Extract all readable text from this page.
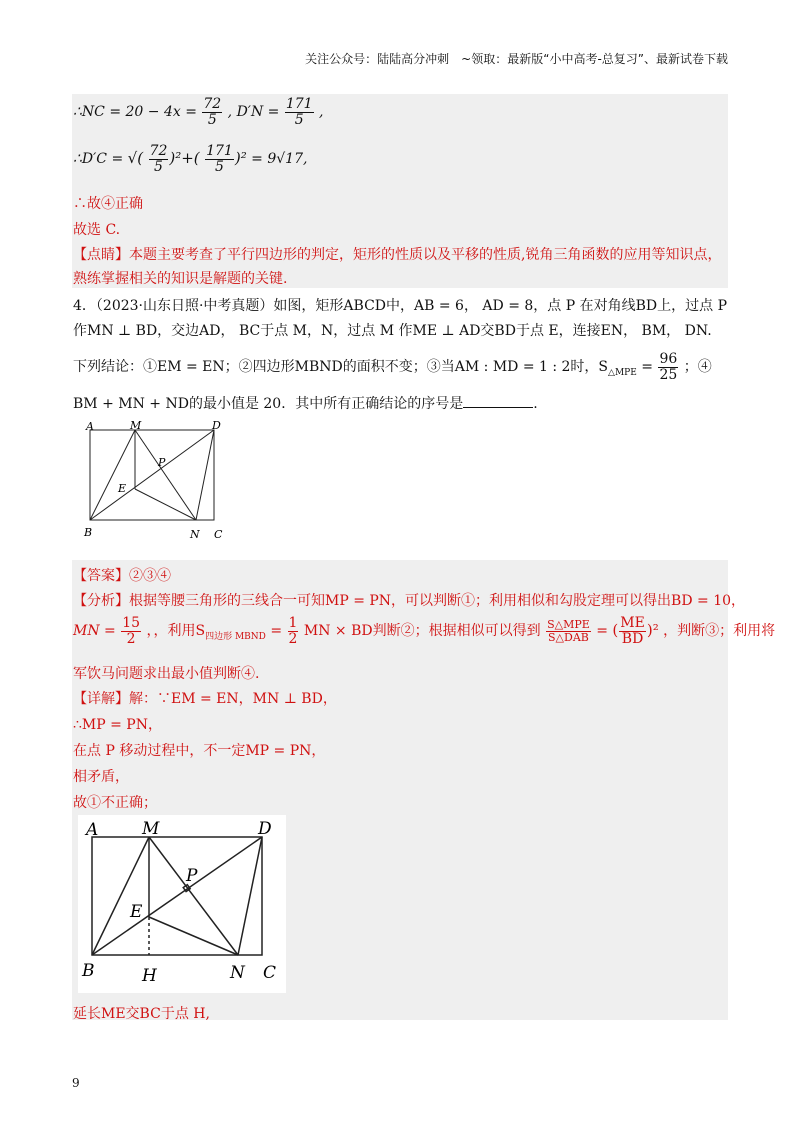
关注公众号：陆陆高分冲刺　~领取：最新版“小中高考-总复习”、最新试卷下载
∴NC = $20 - 4x = \frac{72}{5}$ , $D'N = \frac{171}{5}$ ,
∴D′C = √( $\frac{72}{5} )^2+( \frac{171}{5} )^2 = 9√17$,
∴故④正确
故选 C.
【点睛】本题主要考查了平行四边形的判定，矩形的性质以及平移的性质,锐角三角函数的应用等知识点，
熟练掌握相关的知识是解题的关键.
4．（2023·山东日照·中考真题）如图，矩形ABCD中，AB = 6， AD = 8，点 P 在对角线BD上，过点 P
作MN ⊥ BD，交边AD， BC于点 M，N，过点 M 作ME ⊥ AD交BD于点 E，连接EN， BM， DN.
下列结论：①EM = EN；②四边形MBND的面积不变；③当AM : MD = 1 : 2时，$S_{\triangle MPE} = \frac{96}{25}$ ；④
BM + MN + ND的最小值是 20．其中所有正确结论的序号是	.
A	M	D
P
E
B	N C
【答案】②③④
【分析】根据等腰三角形的三线合一可知MP = PN，可以判断①；利用相似和勾股定理可以得出BD = 10，
MN = $\frac{15}{2}$ ，，利用$S_{四边形 MBND} = \frac{1}{2}$ MN × BD判断②；根据相似可以得到 $\frac{\text{S△MPE}}{\text{S△DAB}}$ = ( $\frac{ME}{BD} )^2$ ，判断③；利用将
军饮马问题求出最小值判断④.
【详解】解：∵EM = EN，MN ⊥ BD，
∴MP = PN，
在点 P 移动过程中，不一定MP = PN，
相矛盾，
故①不正确；
A	M	D
P
E
B	H	N C
延长ME交BC于点 H,
9
